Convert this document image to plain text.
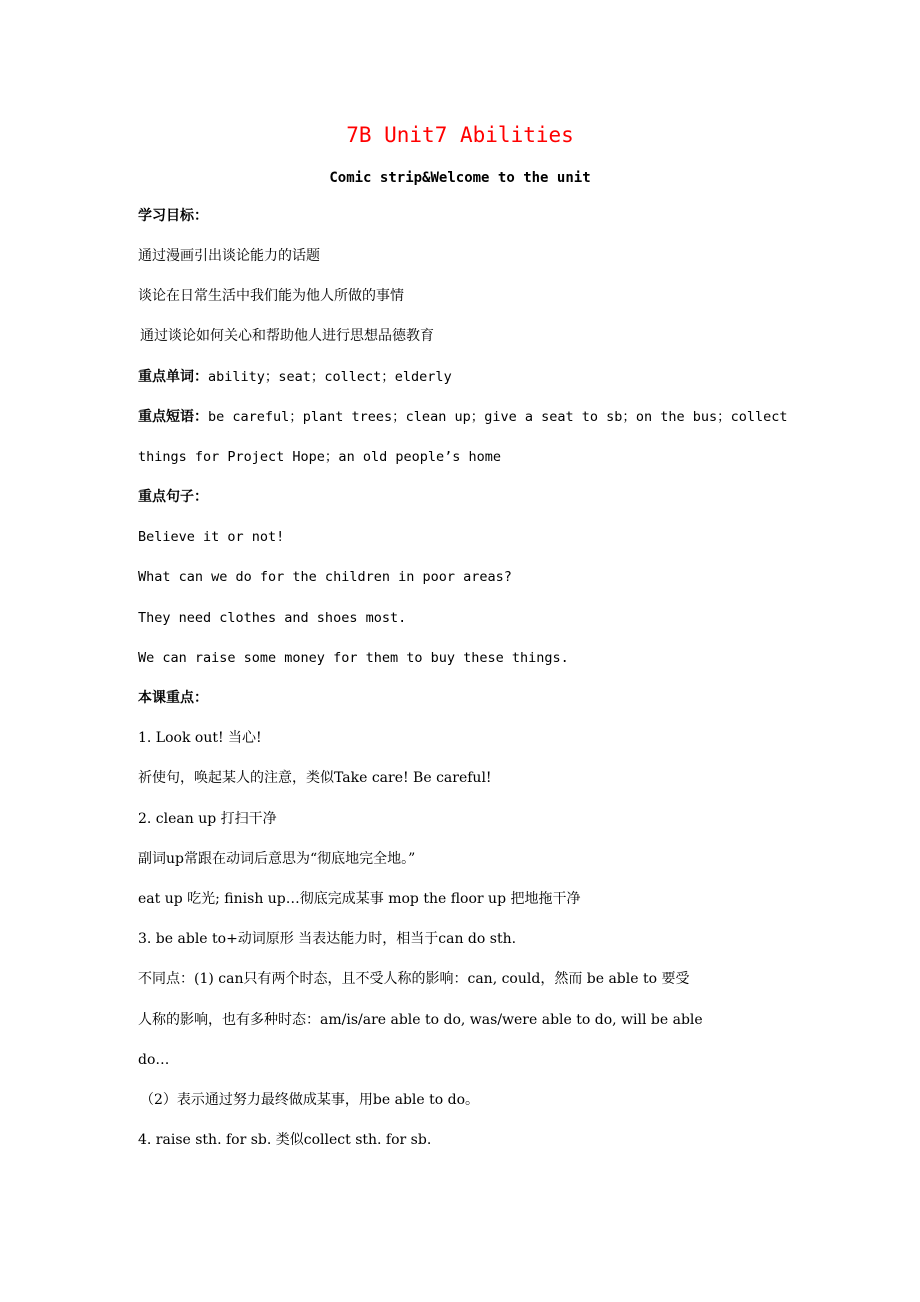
7B Unit7 Abilities
Comic strip&Welcome to the unit
学习目标：
通过漫画引出谈论能力的话题
谈论在日常生活中我们能为他人所做的事情
通过谈论如何关心和帮助他人进行思想品德教育
重点单词：ability；seat；collect；elderly
重点短语：be careful；plant trees；clean up；give a seat to sb；on the bus；collect
things for Project Hope；an old people’s home
重点句子：
Believe it or not!
What can we do for the children in poor areas?
They need clothes and shoes most.
We can raise some money for them to buy these things.
本课重点：
1. Look out! 当心!
祈使句，唤起某人的注意，类似Take care! Be careful!
2. clean up 打扫干净
副词up常跟在动词后意思为“彻底地完全地。”
eat up 吃光; finish up…彻底完成某事 mop the floor up 把地拖干净
3. be able to+动词原形 当表达能力时，相当于can do sth.
不同点：(1) can只有两个时态，且不受人称的影响：can, could，然而 be able to 要受
人称的影响，也有多种时态：am/is/are able to do, was/were able to do, will be able
do…
（2）表示通过努力最终做成某事，用be able to do。
4. raise sth. for sb. 类似collect sth. for sb.
